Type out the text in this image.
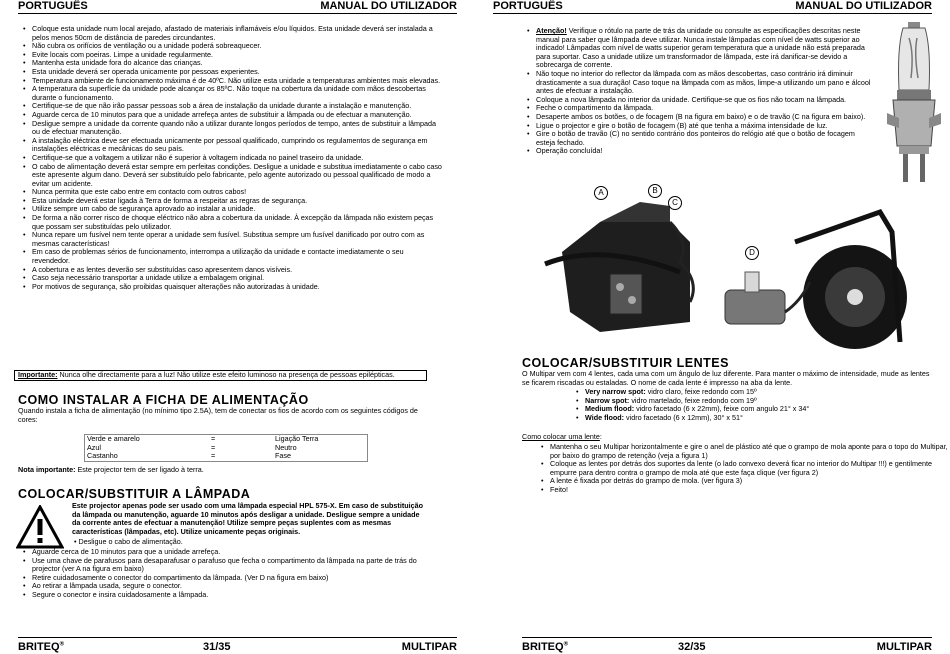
PORTUGUÊS	MANUAL DO UTILIZADOR
• Coloque esta unidade num local arejado, afastado de materiais inflamáveis e/ou líquidos. Esta unidade deverá ser instalada a pelos menos 50cm de distância de paredes circundantes.
• Não cubra os orifícios de ventilação ou a unidade poderá sobreaquecer.
• Evite locais com poeiras. Limpe a unidade regularmente.
• Mantenha esta unidade fora do alcance das crianças.
• Esta unidade deverá ser operada unicamente por pessoas experientes.
• Temperatura ambiente de funcionamento máxima é de 40ºC. Não utilize esta unidade a temperaturas ambientes mais elevadas.
• A temperatura da superfície da unidade pode alcançar os 85ºC. Não toque na cobertura da unidade com mãos descobertas durante o funcionamento.
• Certifique-se de que não irão passar pessoas sob a área de instalação da unidade durante a instalação e manutenção.
• Aguarde cerca de 10 minutos para que a unidade arrefeça antes de substituir a lâmpada ou de efectuar a manutenção.
• Desligue sempre a unidade da corrente quando não a utilizar durante longos períodos de tempo, antes de substituir a lâmpada ou de efectuar manutenção.
• A instalação eléctrica deve ser efectuada unicamente por pessoal qualificado, cumprindo os regulamentos de segurança em instalações eléctricas e mecânicas do seu país.
• Certifique-se que a voltagem a utilizar não é superior à voltagem indicada no painel traseiro da unidade.
• O cabo de alimentação deverá estar sempre em perfeitas condições. Desligue a unidade e substitua imediatamente o cabo caso este apresente algum dano. Deverá ser substituído pelo fabricante, pelo agente autorizado ou pessoal qualificado de modo a evitar um acidente.
• Nunca permita que este cabo entre em contacto com outros cabos!
• Esta unidade deverá estar ligada à Terra de forma a respeitar as regras de segurança.
• Utilize sempre um cabo de segurança aprovado ao instalar a unidade.
• De forma a não correr risco de choque eléctrico não abra a cobertura da unidade. À excepção da lâmpada não existem peças que possam ser substituídas pelo utilizador.
• Nunca repare um fusível nem tente operar a unidade sem fusível. Substitua sempre um fusível danificado por outro com as mesmas características!
• Em caso de problemas sérios de funcionamento, interrompa a utilização da unidade e contacte imediatamente o seu revendedor.
• A cobertura e as lentes deverão ser substituídas caso apresentem danos visíveis.
• Caso seja necessário transportar a unidade utilize a embalagem original.
• Por motivos de segurança, são proibidas quaisquer alterações não autorizadas à unidade.
Importante: Nunca olhe directamente para a luz! Não utilize este efeito luminoso na presença de pessoas epilépticas.
COMO INSTALAR A FICHA DE ALIMENTAÇÃO
Quando instala a ficha de alimentação (no mínimo tipo 2.5A), tem de conectar os fios de acordo com os seguintes códigos de cores:
Verde e amarelo	=	Ligação Terra
Azul	=	Neutro
Castanho	=	Fase
Nota importante: Este projector tem de ser ligado à terra.
COLOCAR/SUBSTITUIR A LÂMPADA
Este projector apenas pode ser usado com uma lâmpada especial HPL 575-X. Em caso de substituição da lâmpada ou manutenção, aguarde 10 minutos após desligar a unidade. Desligue sempre a unidade da corrente antes de efectuar a manutenção! Utilize sempre peças suplentes com as mesmas características (lâmpadas, etc). Utilize unicamente peças originais.
• Desligue o cabo de alimentação.
• Aguarde cerca de 10 minutos para que a unidade arrefeça.
• Use uma chave de parafusos para desaparafusar o parafuso que fecha o compartimento da lâmpada na parte de trás do projector (ver A na figura em baixo)
• Retire cuidadosamente o conector do compartimento da lâmpada. (Ver D na figura em baixo)
• Ao retirar a lâmpada usada, segure o conector.
• Segure o conector e insira cuidadosamente a lâmpada.
BRITEQ®	31/35	MULTIPAR
PORTUGUÊS	MANUAL DO UTILIZADOR
• Atenção! Verifique o rótulo na parte de trás da unidade ou consulte as especificações descritas neste manual para saber que lâmpada deve utilizar. Nunca instale lâmpadas com nível de watts superior ao indicado! Lâmpadas com nível de watts superior geram temperatura que a unidade não está preparada para suportar. Caso a unidade utilize um transformador de lâmpada, este irá danificar-se devido a sobrecarga de corrente.
• Não toque no interior do reflector da lâmpada com as mãos descobertas, caso contrário irá diminuir drasticamente a sua duração! Caso toque na lâmpada com as mãos, limpe-a utilizando um pano e álcool antes de efectuar a instalação.
• Coloque a nova lâmpada no interior da unidade. Certifique-se que os fios não tocam na lâmpada.
• Feche o compartimento da lâmpada.
• Desaperte ambos os botões, o de focagem (B na figura em baixo) e o de travão (C na figura em baixo).
• Ligue o projector e gire o botão de focagem (B) até que tenha a máxima intensidade de luz.
• Gire o botão de travão (C) no sentido contrário dos ponteiros do relógio até que o botão de focagem esteja fechado.
• Operação concluída!
A	B
C
D
COLOCAR/SUBSTITUIR LENTES
O Multipar vem com 4 lentes, cada uma com um ângulo de luz diferente. Para manter o máximo de intensidade, mude as lentes se ficarem riscadas ou estaladas. O nome de cada lente é impresso na aba da lente.
• Very narrow spot: vidro claro, feixe redondo com 15º
• Narrow spot: vidro martelado, feixe redondo com 19º
• Medium flood: vidro facetado (6 x 22mm), feixe com angulo 21° x 34°
• Wide flood: vidro facetado (6 x 12mm), 30° x 51°
Como colocar uma lente:
• Mantenha o seu Multipar horizontalmente e gire o anel de plástico até que o grampo de mola aponte para o topo do Multipar, por baixo do grampo de retenção (veja a figura 1)
• Coloque as lentes por detrás dos suportes da lente (o lado convexo deverá ficar no interior do Multipar !!!) e gentilmente empurre para dentro contra o grampo de mola até que este faça clique (ver figura 2)
• A lente é fixada por detrás do grampo de mola. (ver figura 3)
• Feito!
BRITEQ®	32/35	MULTIPAR
